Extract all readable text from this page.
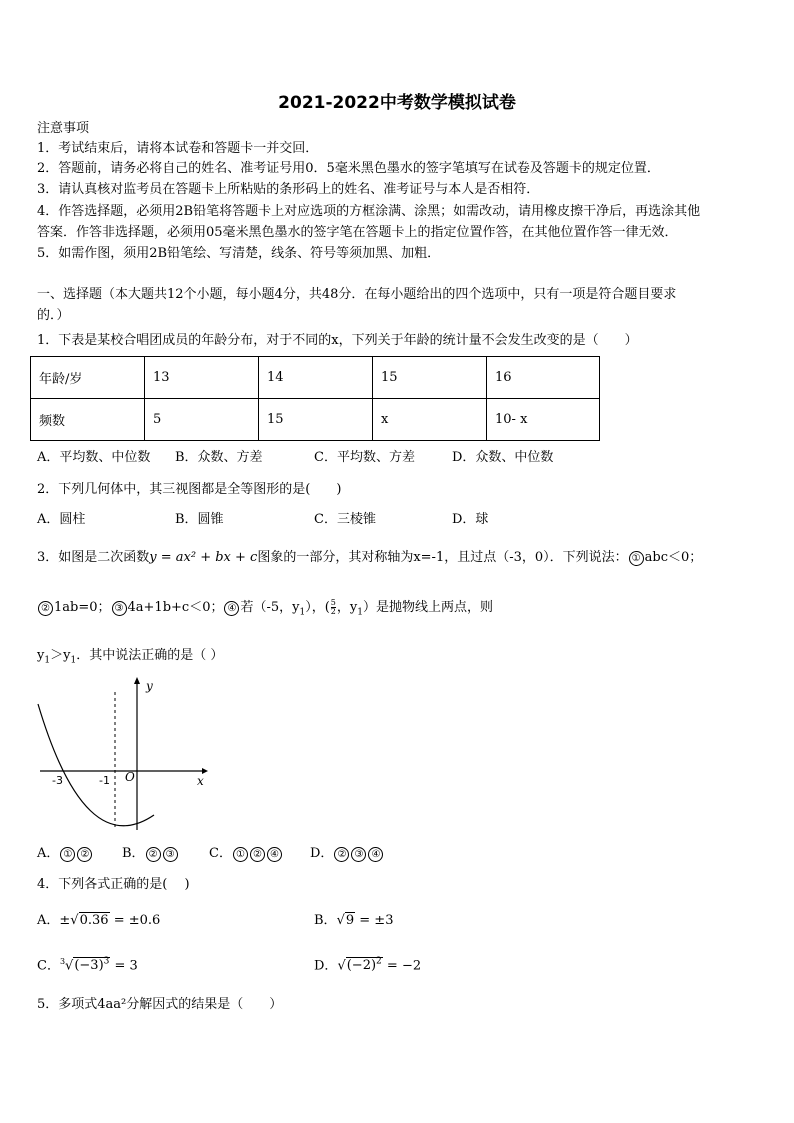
2021-2022中考数学模拟试卷
注意事项
1．考试结束后，请将本试卷和答题卡一并交回．
2．答题前，请务必将自己的姓名、准考证号用0．5毫米黑色墨水的签字笔填写在试卷及答题卡的规定位置．
3．请认真核对监考员在答题卡上所粘贴的条形码上的姓名、准考证号与本人是否相符．
4．作答选择题，必须用2B铅笔将答题卡上对应选项的方框涂满、涂黑；如需改动，请用橡皮擦干净后，再选涂其他
答案．作答非选择题，必须用05毫米黑色墨水的签字笔在答题卡上的指定位置作答，在其他位置作答一律无效．
5．如需作图，须用2B铅笔绘、写清楚，线条、符号等须加黑、加粗．
一、选择题（本大题共12个小题，每小题4分，共48分．在每小题给出的四个选项中，只有一项是符合题目要求
的．）
1．下表是某校合唱团成员的年龄分布，对于不同的x，下列关于年龄的统计量不会发生改变的是（　　）
年龄/岁	13	14	15	16
频数	5	15	x	10- x
A．平均数、中位数 B．众数、方差	C．平均数、方差	D．众数、中位数
2．下列几何体中，其三视图都是全等图形的是(　　)
A．圆柱	B．圆锥	C．三棱锥	D．球
3．如图是二次函数y = ax² + bx + c图象的一部分，其对称轴为x=-1，且过点（-3，0）．下列说法： ① abc＜0；
② 1ab=0； ③ 4a+1b+c＜0； ④ 若（-5，$y_1$），( $\frac{5}{2}$ ，$y_1$）是抛物线上两点，则
$y_1>y_1$．其中说法正确的是（ ）
y
x
O
-3	-1
A． ① ②	B． ② ③	C． ① ② ④	D． ② ③ ④
4．下列各式正确的是(　 )
A．±√0.36 = ±0.6	B．√9 = ±3
C．$^3√(-3)^3 = 3$	D．$√(-2)^2 = -2$
5．多项式4aa²分解因式的结果是（　　）
